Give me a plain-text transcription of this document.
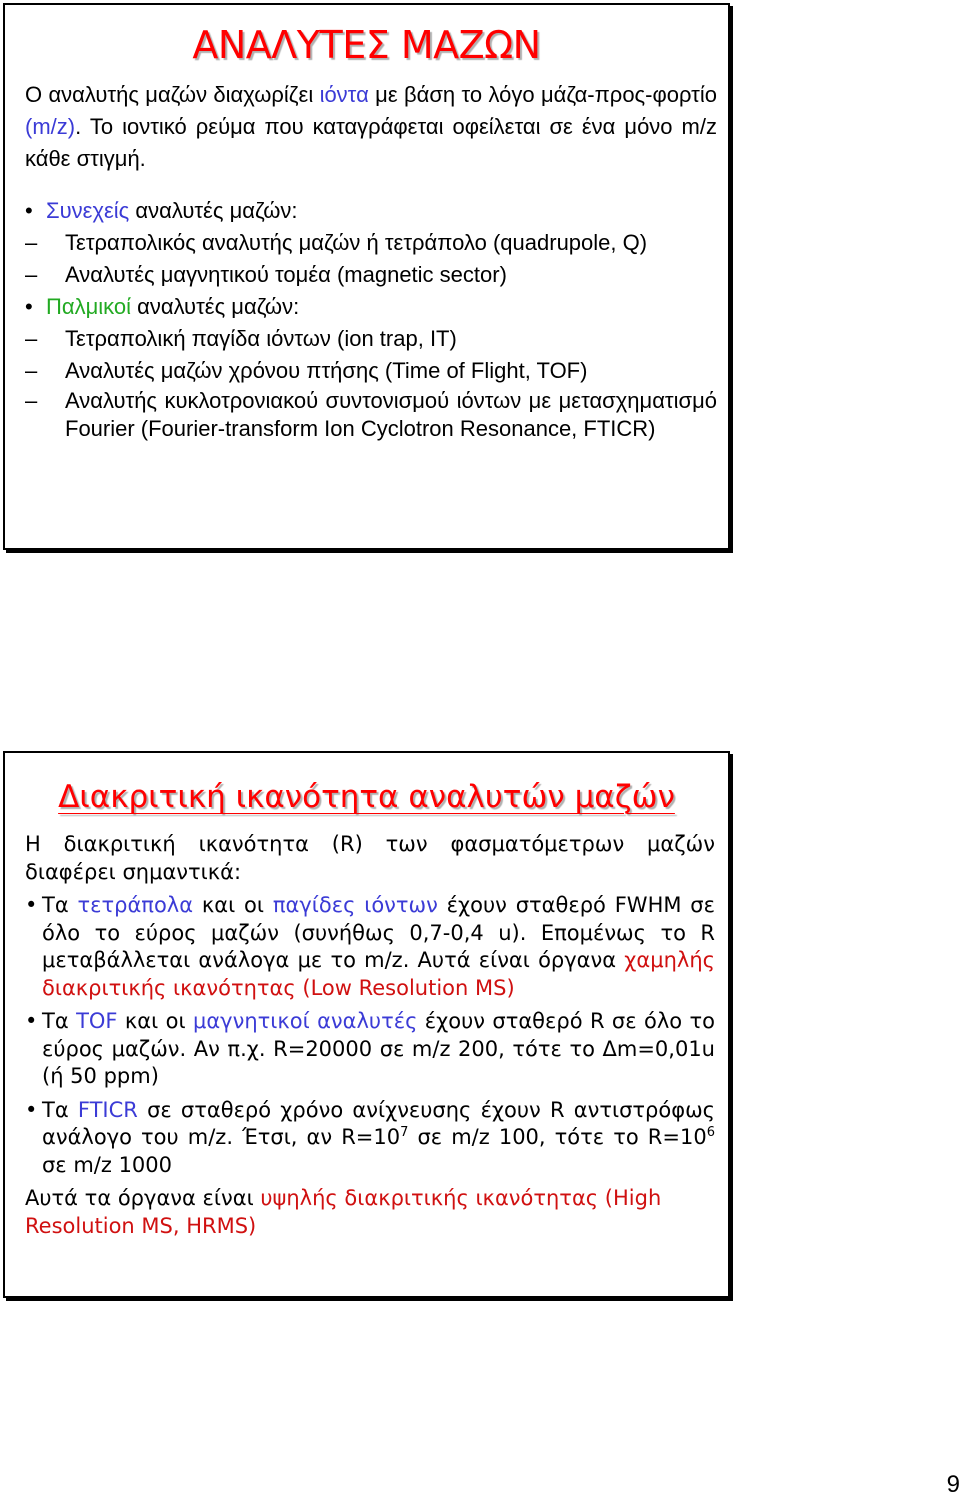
ΑΝΑΛΥΤΕΣ ΜΑΖΩΝ

Ο αναλυτής μαζών διαχωρίζει ιόντα με βάση το λόγο μάζα-προς-φορτίο (m/z). Το ιοντικό ρεύμα που καταγράφεται οφείλεται σε ένα μόνο m/z κάθε στιγμή.

• Συνεχείς αναλυτές μαζών:

– Τετραπολικός αναλυτής μαζών ή τετράπολο (quadrupole, Q)

– Αναλυτές μαγνητικού τομέα (magnetic sector)

• Παλμικοί αναλυτές μαζών:

– Τετραπολική παγίδα ιόντων (ion trap, IT)

– Αναλυτές μαζών χρόνου πτήσης (Time of Flight, TOF)

– Αναλυτής κυκλοτρονιακού συντονισμού ιόντων με μετασχηματισμό Fourier (Fourier-transform Ion Cyclotron Resonance, FTICR)

Διακριτική ικανότητα αναλυτών μαζών

Η διακριτική ικανότητα (R) των φασματόμετρων μαζών διαφέρει σημαντικά:

• Τα τετράπολα και οι παγίδες ιόντων έχουν σταθερό FWHM σε όλο το εύρος μαζών (συνήθως 0,7-0,4 u). Επομένως το R μεταβάλλεται ανάλογα με το m/z. Αυτά είναι όργανα χαμηλής διακριτικής ικανότητας (Low Resolution MS)

• Τα TOF και οι μαγνητικοί αναλυτές έχουν σταθερό R σε όλο το εύρος μαζών. Αν π.χ. R=20000 σε m/z 200, τότε το Δm=0,01u (ή 50 ppm)

• Τα FTICR σε σταθερό χρόνο ανίχνευσης έχουν R αντιστρόφως ανάλογο του m/z. Έτσι, αν $R=10^7$ σε m/z 100, τότε το $R=10^6$ σε m/z 1000

Αυτά τα όργανα είναι υψηλής διακριτικής ικανότητας (High Resolution MS, HRMS)

9
